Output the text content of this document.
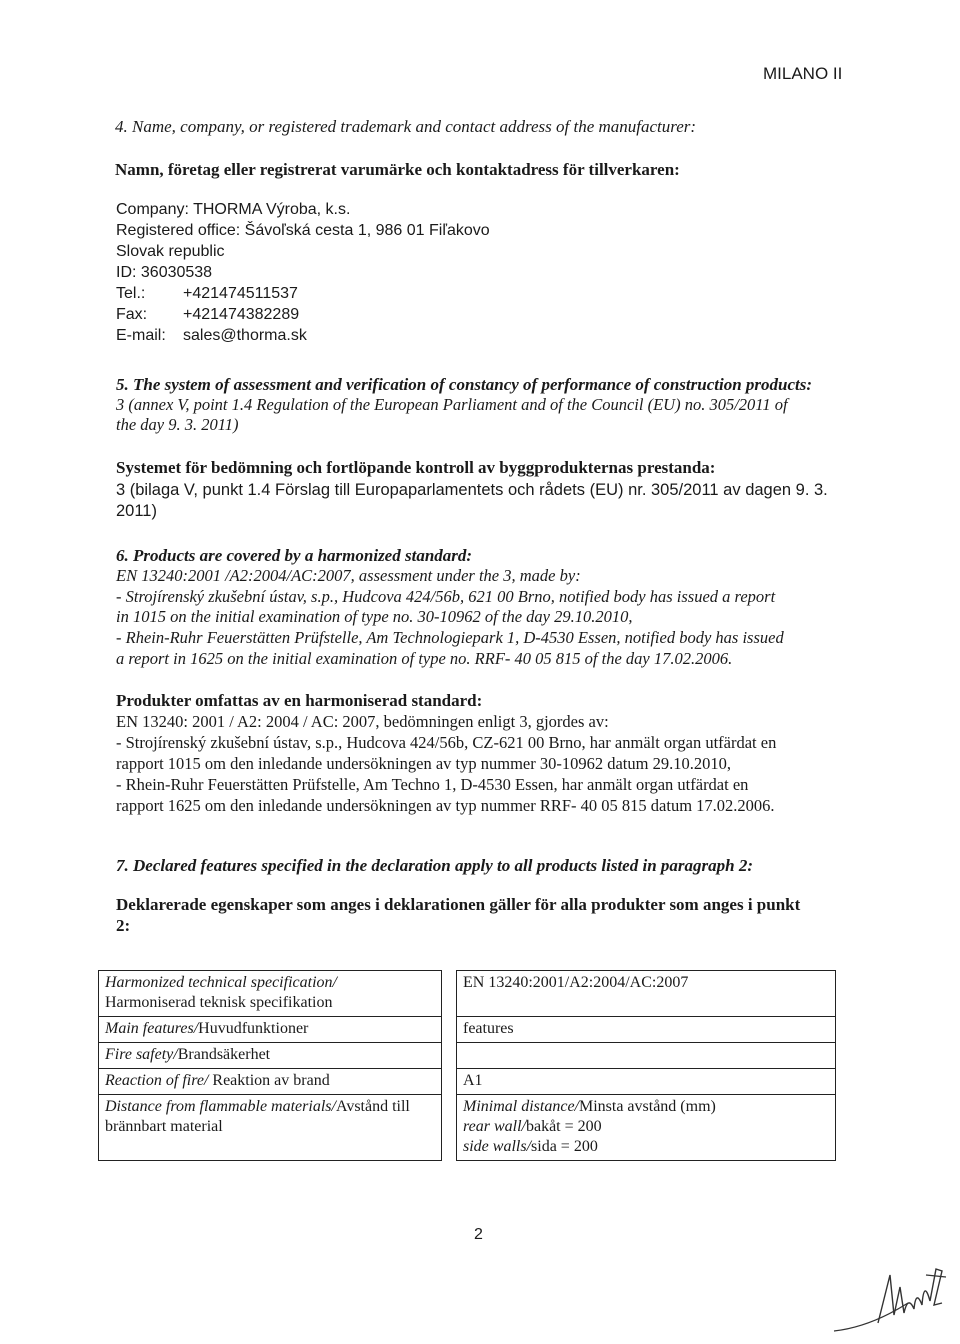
MILANO II
4. Name, company, or registered trademark and contact address of the manufacturer:
Namn, företag eller registrerat varumärke och kontaktadress för tillverkaren:
Company: THORMA Výroba, k.s.
Registered office: Šávoľská cesta 1, 986 01 Fiľakovo
Slovak republic
ID: 36030538
Tel.: +421474511537
Fax: +421474382289
E-mail: sales@thorma.sk
5. The system of assessment and verification of constancy of performance of construction products:
3 (annex V, point 1.4 Regulation of the European Parliament and of the Council (EU) no. 305/2011 of
the day 9. 3. 2011)
Systemet för bedömning och fortlöpande kontroll av byggprodukternas prestanda:
3 (bilaga V, punkt 1.4 Förslag till Europaparlamentets och rådets (EU) nr. 305/2011 av dagen 9. 3.
2011)
6. Products are covered by a harmonized standard:
EN 13240:2001 /A2:2004/AC:2007, assessment under the 3, made by:
- Strojírenský zkušební ústav, s.p., Hudcova 424/56b, 621 00 Brno, notified body has issued a report
in 1015 on the initial examination of type no. 30-10962 of the day 29.10.2010,
- Rhein-Ruhr Feuerstätten Prüfstelle, Am Technologiepark 1, D-4530 Essen, notified body has issued
a report in 1625 on the initial examination of type no. RRF- 40 05 815 of the day 17.02.2006.
Produkter omfattas av en harmoniserad standard:
EN 13240: 2001 / A2: 2004 / AC: 2007, bedömningen enligt 3, gjordes av:
- Strojírenský zkušební ústav, s.p., Hudcova 424/56b, CZ-621 00 Brno, har anmält organ utfärdat en
rapport 1015 om den inledande undersökningen av typ nummer 30-10962 datum 29.10.2010,
- Rhein-Ruhr Feuerstätten Prüfstelle, Am Techno 1, D-4530 Essen, har anmält organ utfärdat en
rapport 1625 om den inledande undersökningen av typ nummer RRF- 40 05 815 datum 17.02.2006.
7. Declared features specified in the declaration apply to all products listed in paragraph 2:
Deklarerade egenskaper som anges i deklarationen gäller för alla produkter som anges i punkt
2:
Harmonized technical specification/
Harmoniserad teknisk specifikation		EN 13240:2001/A2:2004/AC:2007
Main features/Huvudfunktioner		features
Fire safety/Brandsäkerhet		
Reaction of fire/ Reaktion av brand		A1
Distance from flammable materials/Avstånd till
brännbart material		Minimal distance/Minsta avstånd (mm)
rear wall/bakåt = 200
side walls/sida = 200
2
